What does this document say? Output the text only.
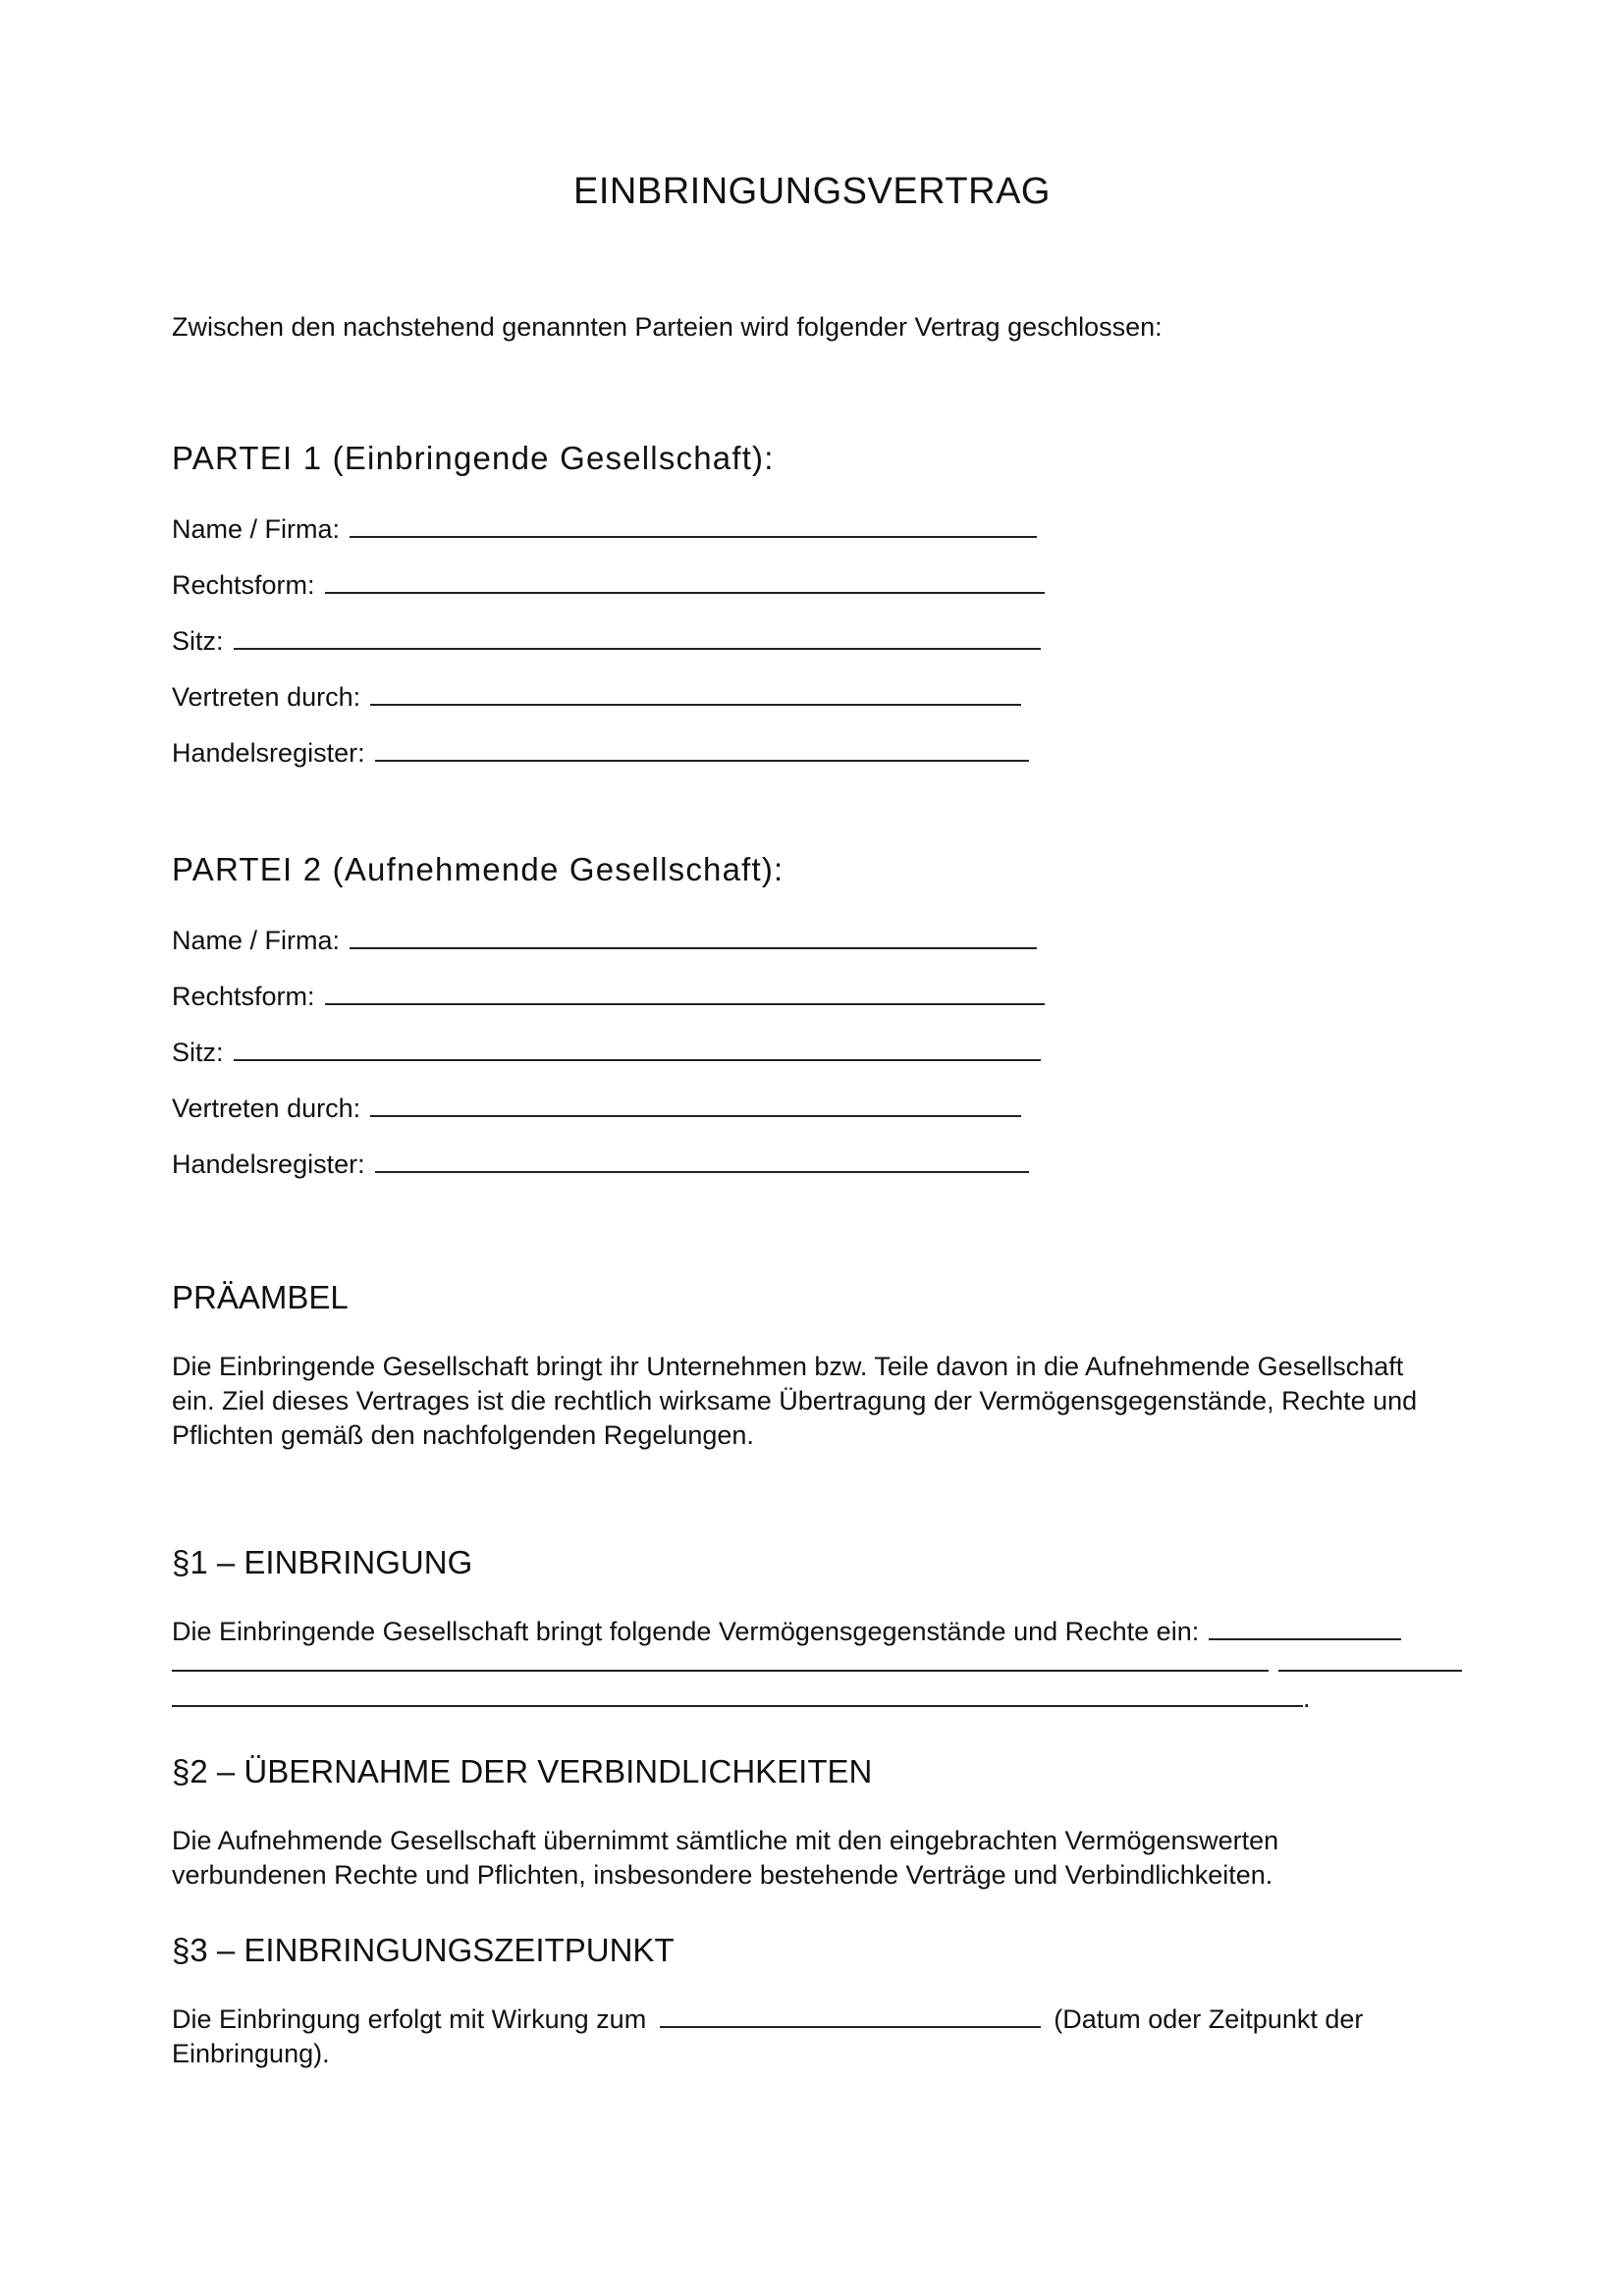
EINBRINGUNGSVERTRAG

Zwischen den nachstehend genannten Parteien wird folgender Vertrag geschlossen:

PARTEI 1 (Einbringende Gesellschaft):
Name / Firma:
Rechtsform:
Sitz:
Vertreten durch:
Handelsregister:
PARTEI 2 (Aufnehmende Gesellschaft):
Name / Firma:
Rechtsform:
Sitz:
Vertreten durch:
Handelsregister:
PRÄAMBEL
Die Einbringende Gesellschaft bringt ihr Unternehmen bzw. Teile davon in die Aufnehmende Gesellschaft
ein. Ziel dieses Vertrages ist die rechtlich wirksame Übertragung der Vermögensgegenstände, Rechte und
Pflichten gemäß den nachfolgenden Regelungen.
§1 – EINBRINGUNG
Die Einbringende Gesellschaft bringt folgende Vermögensgegenstände und Rechte ein:
.
§2 – ÜBERNAHME DER VERBINDLICHKEITEN
Die Aufnehmende Gesellschaft übernimmt sämtliche mit den eingebrachten Vermögenswerten
verbundenen Rechte und Pflichten, insbesondere bestehende Verträge und Verbindlichkeiten.
§3 – EINBRINGUNGSZEITPUNKT
Die Einbringung erfolgt mit Wirkung zum	(Datum oder Zeitpunkt der
Einbringung).
